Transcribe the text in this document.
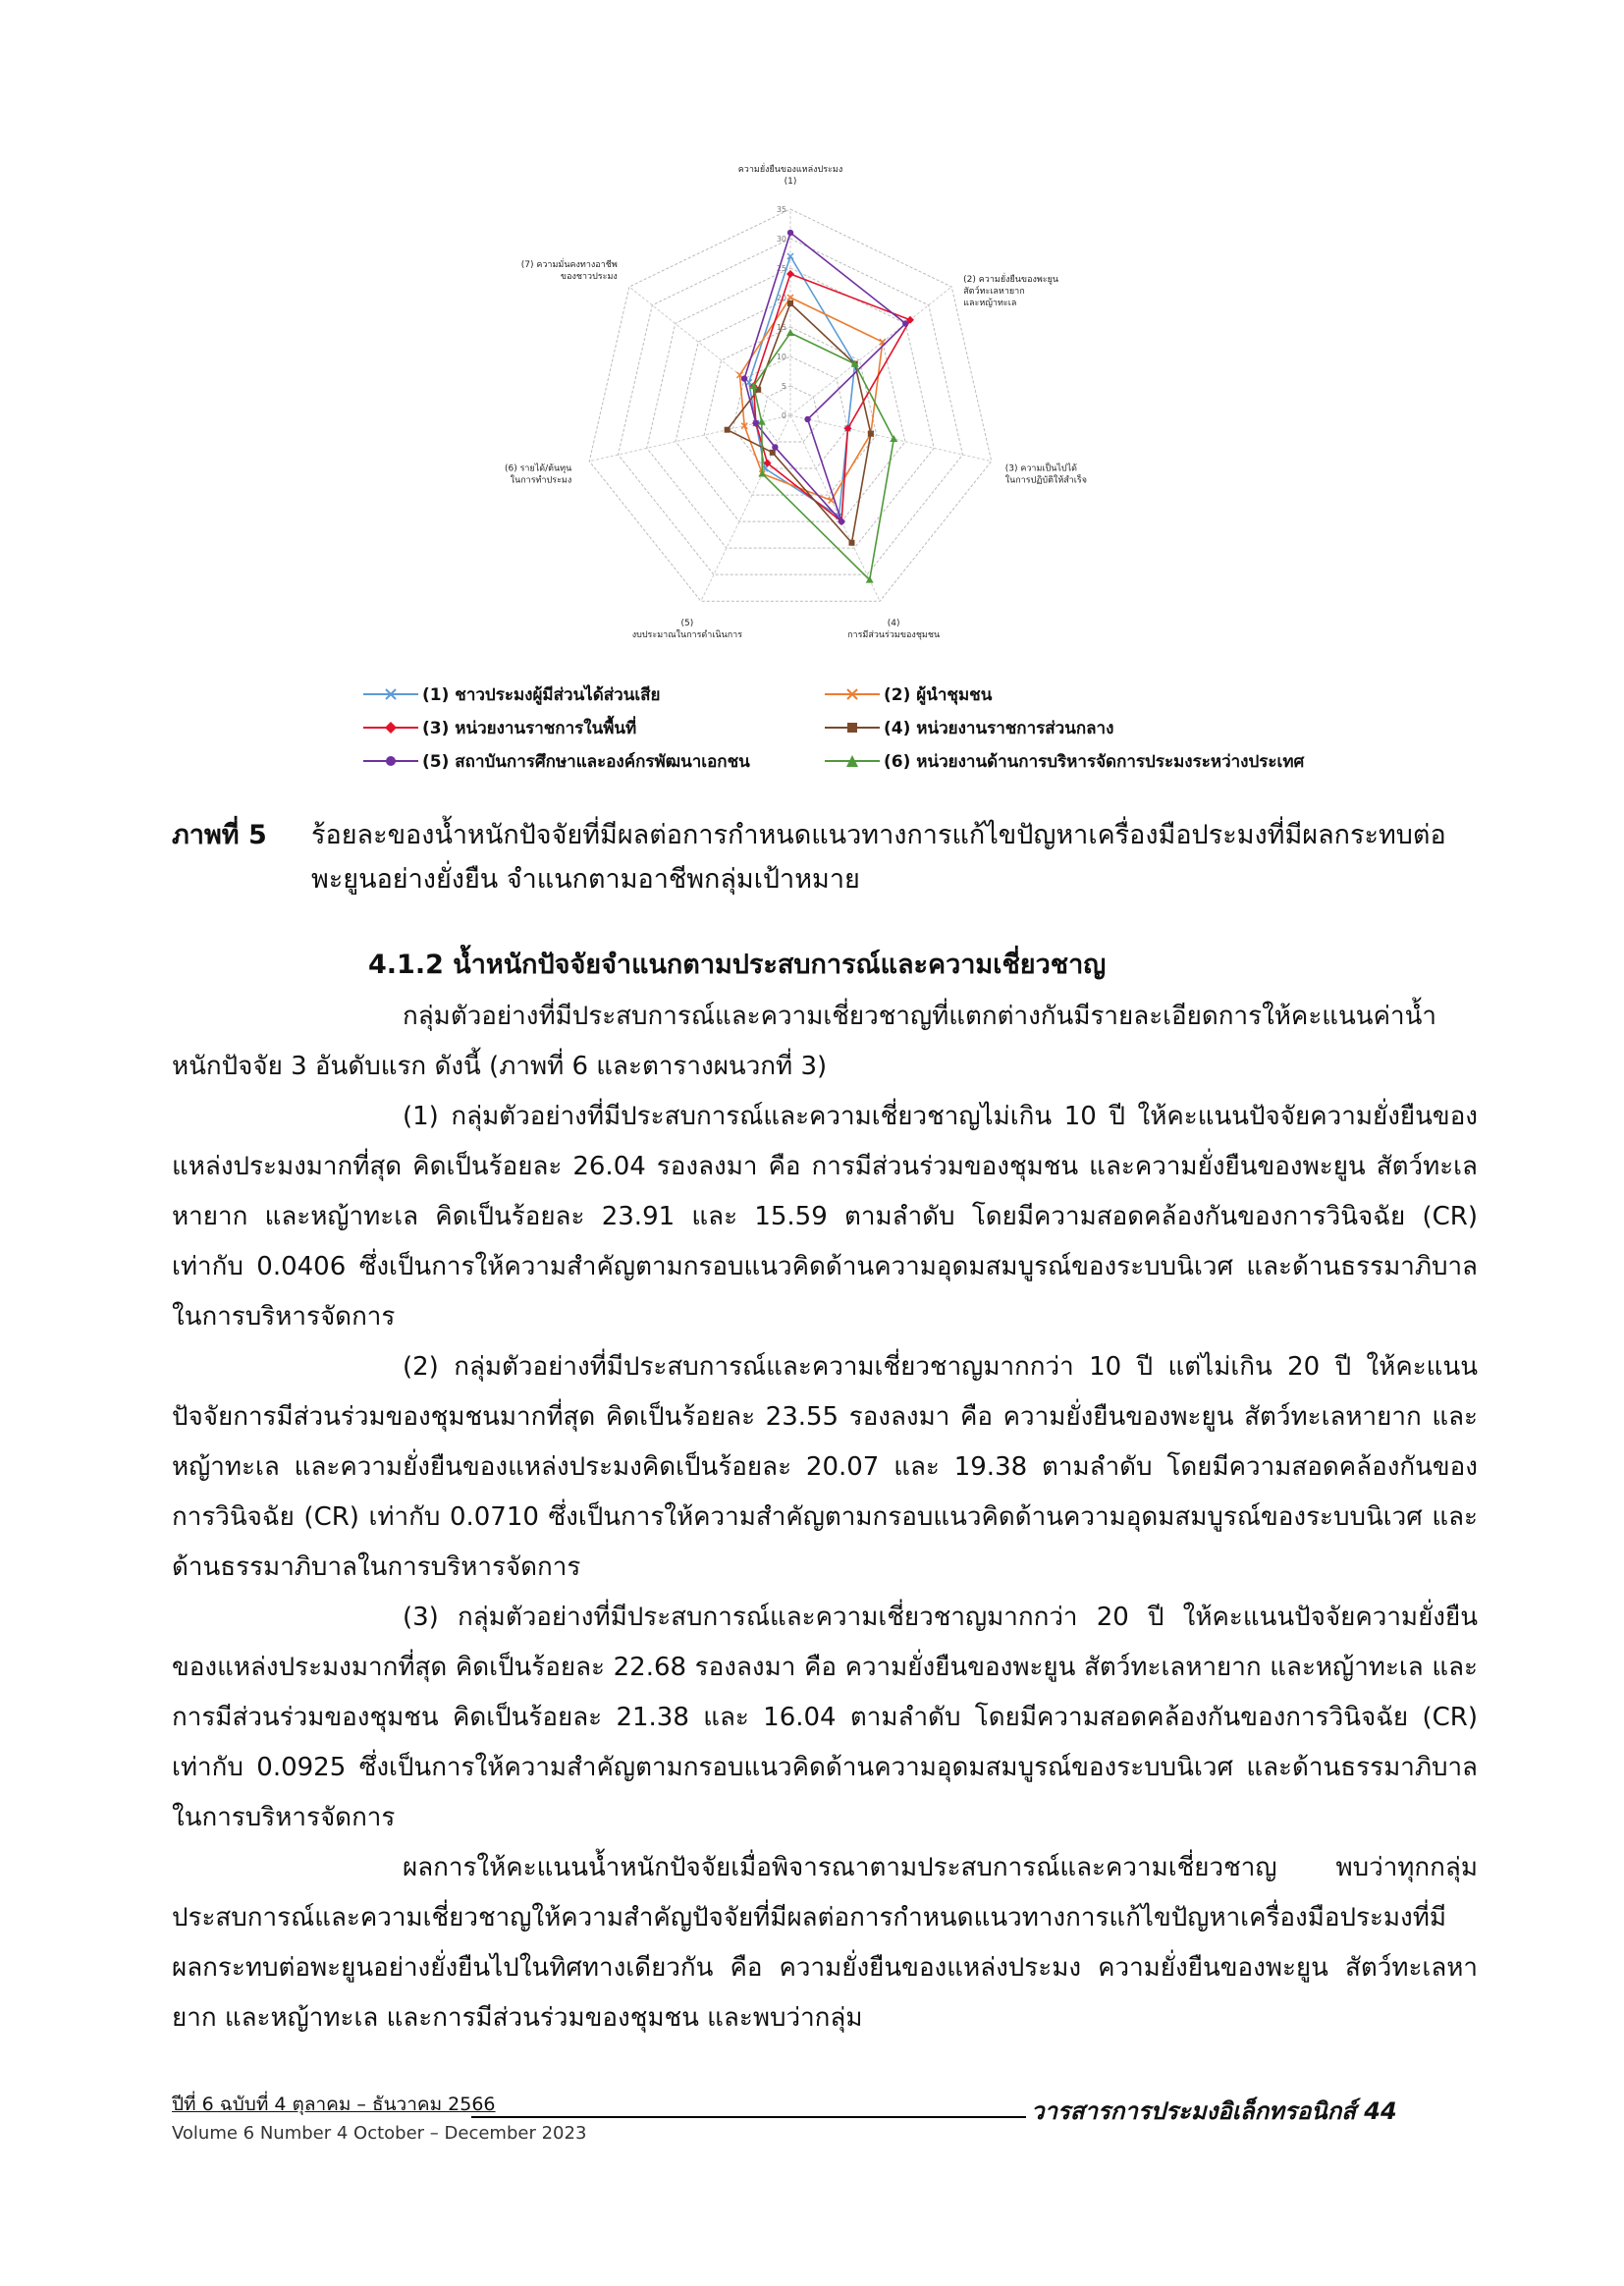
0
5
10
15
20
25
30
35
ความยั่งยืนของแหล่งประมง
(1)
(2) ความยั่งยืนของพะยูน
สัตว์ทะเลหายาก
และหญ้าทะเล
(3) ความเป็นไปได้
ในการปฏิบัติให้สำเร็จ
(4)
การมีส่วนร่วมของชุมชน
(5)
งบประมาณในการดำเนินการ
(6) รายได้/ต้นทุน
ในการทำประมง
(7) ความมั่นคงทางอาชีพ
ของชาวประมง
(1) ชาวประมงผู้มีส่วนได้ส่วนเสีย	(2) ผู้นำชุมชน
(3) หน่วยงานราชการในพื้นที่	(4) หน่วยงานราชการส่วนกลาง
(5) สถาบันการศึกษาและองค์กรพัฒนาเอกชน	(6) หน่วยงานด้านการบริหารจัดการประมงระหว่างประเทศ
ภาพที่ 5 ร้อยละของน้ำหนักปัจจัยที่มีผลต่อการกำหนดแนวทางการแก้ไขปัญหาเครื่องมือประมงที่มีผลกระทบต่อพะยูนอย่างยั่งยืน จำแนกตามอาชีพกลุ่มเป้าหมาย
4.1.2 น้ำหนักปัจจัยจำแนกตามประสบการณ์และความเชี่ยวชาญ

กลุ่มตัวอย่างที่มีประสบการณ์และความเชี่ยวชาญที่แตกต่างกันมีรายละเอียดการให้คะแนนค่าน้ำหนักปัจจัย 3 อันดับแรก ดังนี้ (ภาพที่ 6 และตารางผนวกที่ 3)

(1) กลุ่มตัวอย่างที่มีประสบการณ์และความเชี่ยวชาญไม่เกิน 10 ปี ให้คะแนนปัจจัยความยั่งยืนของแหล่งประมงมากที่สุด คิดเป็นร้อยละ 26.04 รองลงมา คือ การมีส่วนร่วมของชุมชน และความยั่งยืนของพะยูน สัตว์ทะเลหายาก และหญ้าทะเล คิดเป็นร้อยละ 23.91 และ 15.59 ตามลำดับ โดยมีความสอดคล้องกันของการวินิจฉัย (CR) เท่ากับ 0.0406 ซึ่งเป็นการให้ความสำคัญตามกรอบแนวคิดด้านความอุดมสมบูรณ์ของระบบนิเวศ และด้านธรรมาภิบาลในการบริหารจัดการ

(2) กลุ่มตัวอย่างที่มีประสบการณ์และความเชี่ยวชาญมากกว่า 10 ปี แต่ไม่เกิน 20 ปี ให้คะแนนปัจจัยการมีส่วนร่วมของชุมชนมากที่สุด คิดเป็นร้อยละ 23.55 รองลงมา คือ ความยั่งยืนของพะยูน สัตว์ทะเลหายาก และหญ้าทะเล และความยั่งยืนของแหล่งประมงคิดเป็นร้อยละ 20.07 และ 19.38 ตามลำดับ โดยมีความสอดคล้องกันของการวินิจฉัย (CR) เท่ากับ 0.0710 ซึ่งเป็นการให้ความสำคัญตามกรอบแนวคิดด้านความอุดมสมบูรณ์ของระบบนิเวศ และด้านธรรมาภิบาลในการบริหารจัดการ

(3) กลุ่มตัวอย่างที่มีประสบการณ์และความเชี่ยวชาญมากกว่า 20 ปี ให้คะแนนปัจจัยความยั่งยืนของแหล่งประมงมากที่สุด คิดเป็นร้อยละ 22.68 รองลงมา คือ ความยั่งยืนของพะยูน สัตว์ทะเลหายาก และหญ้าทะเล และการมีส่วนร่วมของชุมชน คิดเป็นร้อยละ 21.38 และ 16.04 ตามลำดับ โดยมีความสอดคล้องกันของการวินิจฉัย (CR) เท่ากับ 0.0925 ซึ่งเป็นการให้ความสำคัญตามกรอบแนวคิดด้านความอุดมสมบูรณ์ของระบบนิเวศ และด้านธรรมาภิบาลในการบริหารจัดการ

ผลการให้คะแนนน้ำหนักปัจจัยเมื่อพิจารณาตามประสบการณ์และความเชี่ยวชาญ พบว่าทุกกลุ่มประสบการณ์และความเชี่ยวชาญให้ความสำคัญปัจจัยที่มีผลต่อการกำหนดแนวทางการแก้ไขปัญหาเครื่องมือประมงที่มีผลกระทบต่อพะยูนอย่างยั่งยืนไปในทิศทางเดียวกัน คือ ความยั่งยืนของแหล่งประมง ความยั่งยืนของพะยูน สัตว์ทะเลหายาก และหญ้าทะเล และการมีส่วนร่วมของชุมชน และพบว่ากลุ่ม

ปีที่ 6 ฉบับที่ 4 ตุลาคม – ธันวาคม 2566	วารสารการประมงอิเล็กทรอนิกส์ 44
Volume 6 Number 4 October – December 2023
